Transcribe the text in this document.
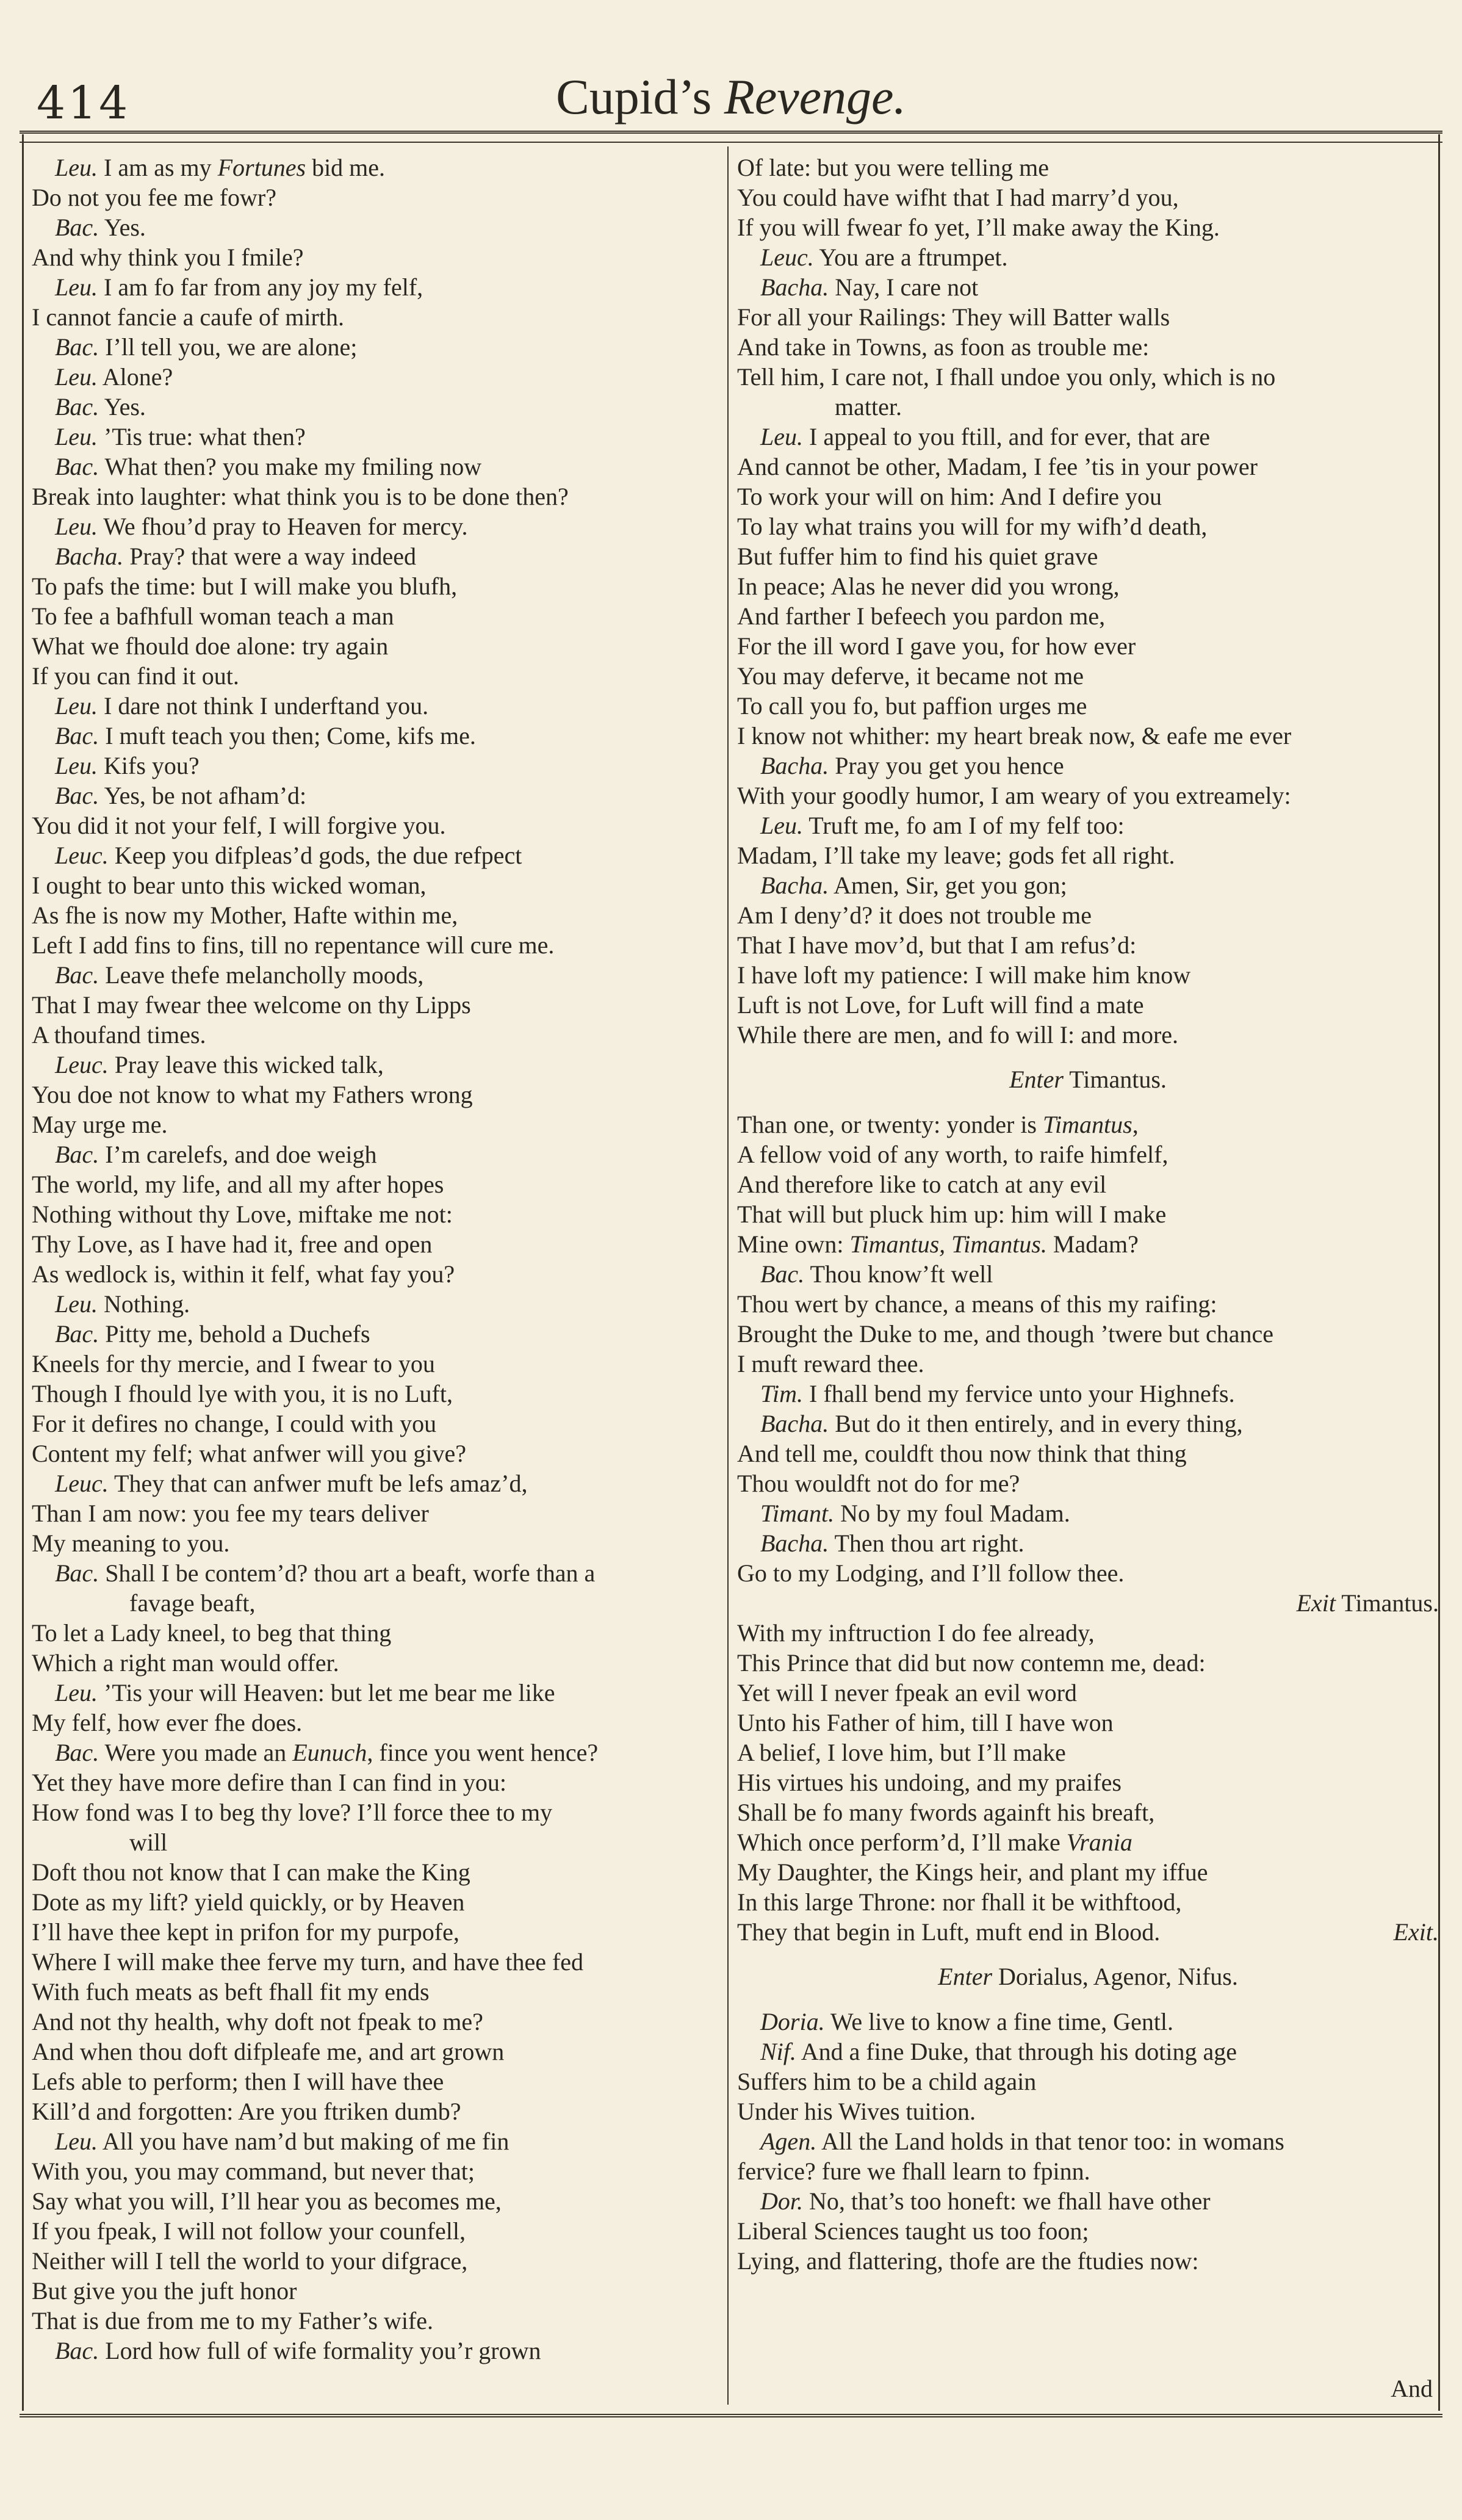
414	Cupid’s Revenge.
Leu. I am as my Fortunes bid me.
Do not you fee me fowr?
Bac. Yes.
And why think you I fmile?
Leu. I am fo far from any joy my felf,
I cannot fancie a caufe of mirth.
Bac. I’ll tell you, we are alone;
Leu. Alone?
Bac. Yes.
Leu. ’Tis true: what then?
Bac. What then? you make my fmiling now
Break into laughter: what think you is to be done then?
Leu. We fhou’d pray to Heaven for mercy.
Bacha. Pray? that were a way indeed
To pafs the time: but I will make you blufh,
To fee a bafhfull woman teach a man
What we fhould doe alone: try again
If you can find it out.
Leu. I dare not think I underftand you.
Bac. I muft teach you then; Come, kifs me.
Leu. Kifs you?
Bac. Yes, be not afham’d:
You did it not your felf, I will forgive you.
Leuc. Keep you difpleas’d gods, the due refpect
I ought to bear unto this wicked woman,
As fhe is now my Mother, Hafte within me,
Left I add fins to fins, till no repentance will cure me.
Bac. Leave thefe melancholly moods,
That I may fwear thee welcome on thy Lipps
A thoufand times.
Leuc. Pray leave this wicked talk,
You doe not know to what my Fathers wrong
May urge me.
Bac. I’m carelefs, and doe weigh
The world, my life, and all my after hopes
Nothing without thy Love, miftake me not:
Thy Love, as I have had it, free and open
As wedlock is, within it felf, what fay you?
Leu. Nothing.
Bac. Pitty me, behold a Duchefs
Kneels for thy mercie, and I fwear to you
Though I fhould lye with you, it is no Luft,
For it defires no change, I could with you
Content my felf; what anfwer will you give?
Leuc. They that can anfwer muft be lefs amaz’d,
Than I am now: you fee my tears deliver
My meaning to you.
Bac. Shall I be contem’d? thou art a beaft, worfe than a
favage beaft,
To let a Lady kneel, to beg that thing
Which a right man would offer.
Leu. ’Tis your will Heaven: but let me bear me like
My felf, how ever fhe does.
Bac. Were you made an Eunuch, fince you went hence?
Yet they have more defire than I can find in you:
How fond was I to beg thy love? I’ll force thee to my
will
Doft thou not know that I can make the King
Dote as my lift? yield quickly, or by Heaven
I’ll have thee kept in prifon for my purpofe,
Where I will make thee ferve my turn, and have thee fed
With fuch meats as beft fhall fit my ends
And not thy health, why doft not fpeak to me?
And when thou doft difpleafe me, and art grown
Lefs able to perform; then I will have thee
Kill’d and forgotten: Are you ftriken dumb?
Leu. All you have nam’d but making of me fin
With you, you may command, but never that;
Say what you will, I’ll hear you as becomes me,
If you fpeak, I will not follow your counfell,
Neither will I tell the world to your difgrace,
But give you the juft honor
That is due from me to my Father’s wife.
Bac. Lord how full of wife formality you’r grown
Of late: but you were telling me
You could have wifht that I had marry’d you,
If you will fwear fo yet, I’ll make away the King.
Leuc. You are a ftrumpet.
Bacha. Nay, I care not
For all your Railings: They will Batter walls
And take in Towns, as foon as trouble me:
Tell him, I care not, I fhall undoe you only, which is no
matter.
Leu. I appeal to you ftill, and for ever, that are
And cannot be other, Madam, I fee ’tis in your power
To work your will on him: And I defire you
To lay what trains you will for my wifh’d death,
But fuffer him to find his quiet grave
In peace; Alas he never did you wrong,
And farther I befeech you pardon me,
For the ill word I gave you, for how ever
You may deferve, it became not me
To call you fo, but paffion urges me
I know not whither: my heart break now, & eafe me ever
Bacha. Pray you get you hence
With your goodly humor, I am weary of you extreamely:
Leu. Truft me, fo am I of my felf too:
Madam, I’ll take my leave; gods fet all right.
Bacha. Amen, Sir, get you gon;
Am I deny’d? it does not trouble me
That I have mov’d, but that I am refus’d:
I have loft my patience: I will make him know
Luft is not Love, for Luft will find a mate
While there are men, and fo will I: and more.
Enter Timantus.
Than one, or twenty: yonder is Timantus,
A fellow void of any worth, to raife himfelf,
And therefore like to catch at any evil
That will but pluck him up: him will I make
Mine own: Timantus, Timantus. Madam?
Bac. Thou know’ft well
Thou wert by chance, a means of this my raifing:
Brought the Duke to me, and though ’twere but chance
I muft reward thee.
Tim. I fhall bend my fervice unto your Highnefs.
Bacha. But do it then entirely, and in every thing,
And tell me, couldft thou now think that thing
Thou wouldft not do for me?
Timant. No by my foul Madam.
Bacha. Then thou art right.
Go to my Lodging, and I’ll follow thee.
Exit Timantus.
With my inftruction I do fee already,
This Prince that did but now contemn me, dead:
Yet will I never fpeak an evil word
Unto his Father of him, till I have won
A belief, I love him, but I’ll make
His virtues his undoing, and my praifes
Shall be fo many fwords againft his breaft,
Which once perform’d, I’ll make Vrania
My Daughter, the Kings heir, and plant my iffue
In this large Throne: nor fhall it be withftood,
They that begin in Luft, muft end in Blood.	Exit.
Enter Dorialus, Agenor, Nifus.
Doria. We live to know a fine time, Gentl.
Nif. And a fine Duke, that through his doting age
Suffers him to be a child again
Under his Wives tuition.
Agen. All the Land holds in that tenor too: in womans
fervice? fure we fhall learn to fpinn.
Dor. No, that’s too honeft: we fhall have other
Liberal Sciences taught us too foon;
Lying, and flattering, thofe are the ftudies now:
And
